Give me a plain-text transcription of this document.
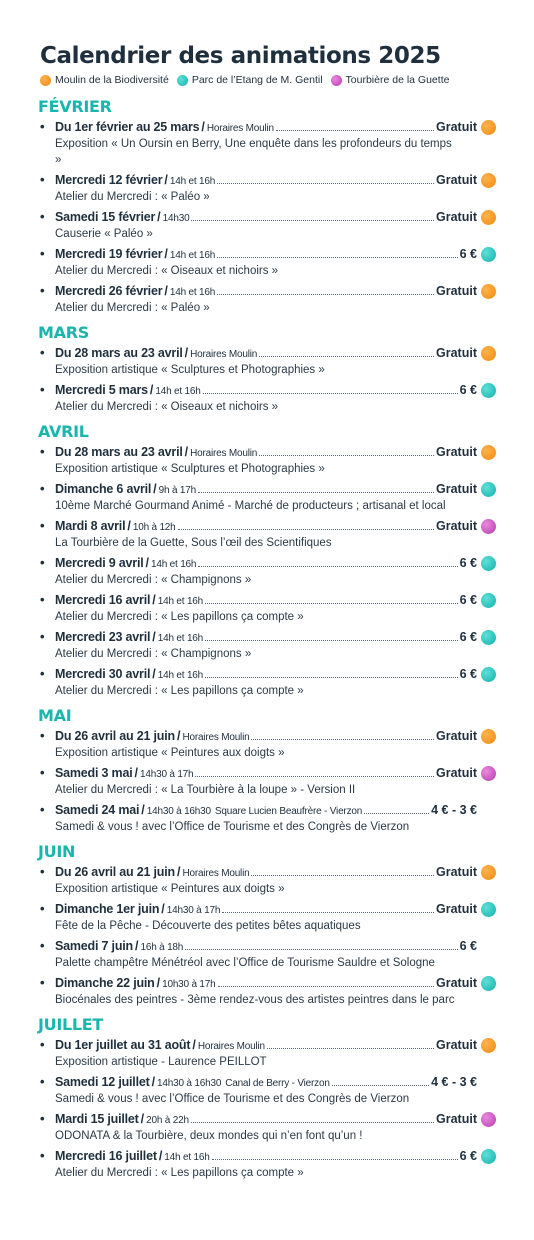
Calendrier des animations 2025
Moulin de la Biodiversité Parc de l’Etang de M. Gentil Tourbière de la Guette
FÉVRIER
• Du 1er février au 25 mars / Horaires Moulin	Gratuit
Exposition « Un Oursin en Berry, Une enquête dans les profondeurs du temps »
• Mercredi 12 février / 14h et 16h	Gratuit
Atelier du Mercredi : « Paléo »
• Samedi 15 février / 14h30	Gratuit
Causerie « Paléo »
• Mercredi 19 février / 14h et 16h	6 €
Atelier du Mercredi : « Oiseaux et nichoirs »
• Mercredi 26 février / 14h et 16h	Gratuit
Atelier du Mercredi : « Paléo »
MARS
• Du 28 mars au 23 avril / Horaires Moulin	Gratuit
Exposition artistique « Sculptures et Photographies »
• Mercredi 5 mars / 14h et 16h	6 €
Atelier du Mercredi : « Oiseaux et nichoirs »
AVRIL
• Du 28 mars au 23 avril / Horaires Moulin	Gratuit
Exposition artistique « Sculptures et Photographies »
• Dimanche 6 avril / 9h à 17h	Gratuit
10ème Marché Gourmand Animé - Marché de producteurs ; artisanal et local
• Mardi 8 avril / 10h à 12h	Gratuit
La Tourbière de la Guette, Sous l’œil des Scientifiques
• Mercredi 9 avril / 14h et 16h	6 €
Atelier du Mercredi : « Champignons »
• Mercredi 16 avril / 14h et 16h	6 €
Atelier du Mercredi : « Les papillons ça compte »
• Mercredi 23 avril / 14h et 16h	6 €
Atelier du Mercredi : « Champignons »
• Mercredi 30 avril / 14h et 16h	6 €
Atelier du Mercredi : « Les papillons ça compte »
MAI
• Du 26 avril au 21 juin / Horaires Moulin	Gratuit
Exposition artistique « Peintures aux doigts »
• Samedi 3 mai / 14h30 à 17h	Gratuit
Atelier du Mercredi : « La Tourbière à la loupe » - Version II
• Samedi 24 mai / 14h30 à 16h30 Square Lucien Beaufrère - Vierzon	4 € - 3 €
Samedi & vous ! avec l’Office de Tourisme et des Congrès de Vierzon
JUIN
• Du 26 avril au 21 juin / Horaires Moulin	Gratuit
Exposition artistique « Peintures aux doigts »
• Dimanche 1er juin / 14h30 à 17h	Gratuit
Fête de la Pêche - Découverte des petites bêtes aquatiques
• Samedi 7 juin / 16h à 18h	6 €
Palette champêtre Ménétréol avec l’Office de Tourisme Sauldre et Sologne
• Dimanche 22 juin / 10h30 à 17h	Gratuit
Biocénales des peintres - 3ème rendez-vous des artistes peintres dans le parc
JUILLET
• Du 1er juillet au 31 août / Horaires Moulin	Gratuit
Exposition artistique - Laurence PEILLOT
• Samedi 12 juillet / 14h30 à 16h30 Canal de Berry - Vierzon	4 € - 3 €
Samedi & vous ! avec l’Office de Tourisme et des Congrès de Vierzon
• Mardi 15 juillet / 20h à 22h	Gratuit
ODONATA & la Tourbière, deux mondes qui n’en font qu’un !
• Mercredi 16 juillet / 14h et 16h	6 €
Atelier du Mercredi : « Les papillons ça compte »
